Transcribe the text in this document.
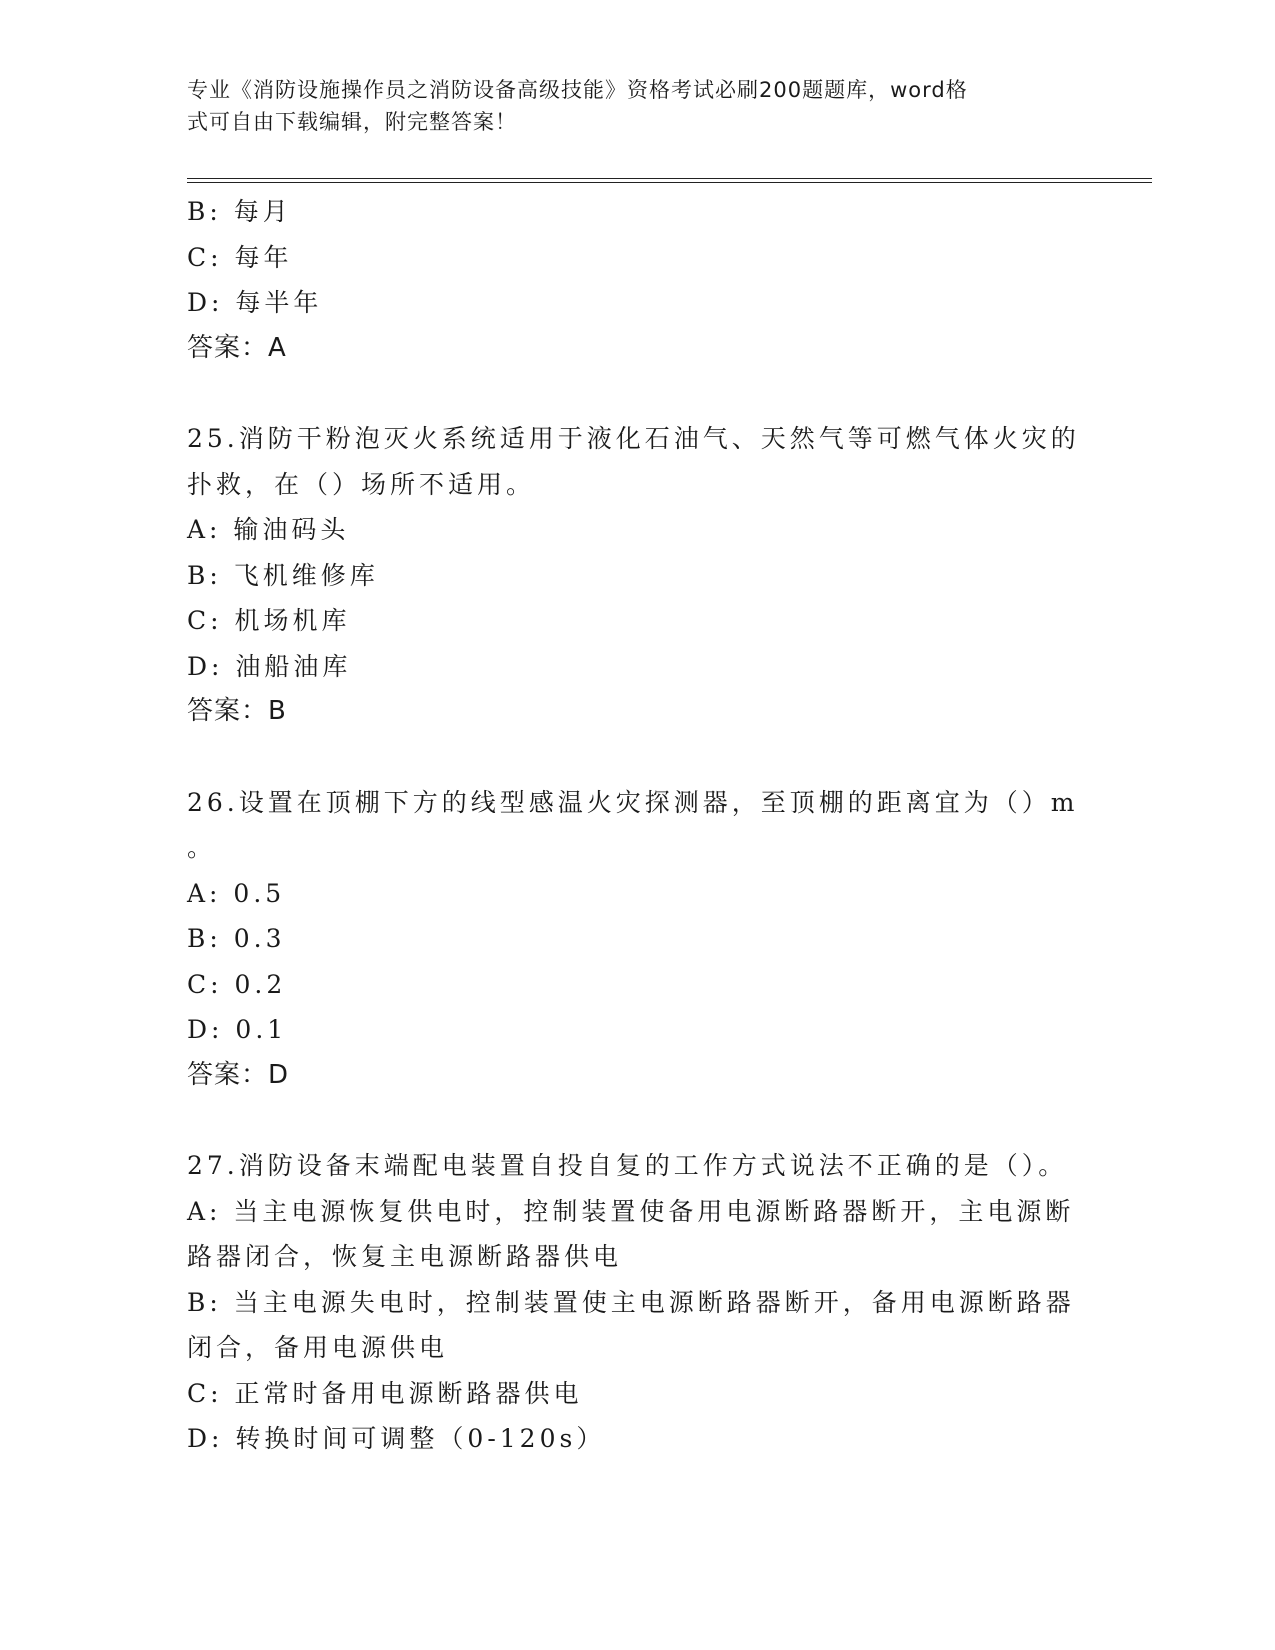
专业《消防设施操作员之消防设备高级技能》资格考试必刷200题题库，word格
式可自由下载编辑，附完整答案！
B: 每月
C: 每年
D: 每半年
答案：A
25.消防干粉泡灭火系统适用于液化石油气、天然气等可燃气体火灾的
扑救，在（）场所不适用。
A: 输油码头
B: 飞机维修库
C: 机场机库
D: 油船油库
答案：B
26.设置在顶棚下方的线型感温火灾探测器，至顶棚的距离宜为（）m
。
A: 0.5
B: 0.3
C: 0.2
D: 0.1
答案：D
27.消防设备末端配电装置自投自复的工作方式说法不正确的是（）。
A: 当主电源恢复供电时，控制装置使备用电源断路器断开，主电源断
路器闭合，恢复主电源断路器供电
B: 当主电源失电时，控制装置使主电源断路器断开，备用电源断路器
闭合，备用电源供电
C: 正常时备用电源断路器供电
D: 转换时间可调整（0-120s）
